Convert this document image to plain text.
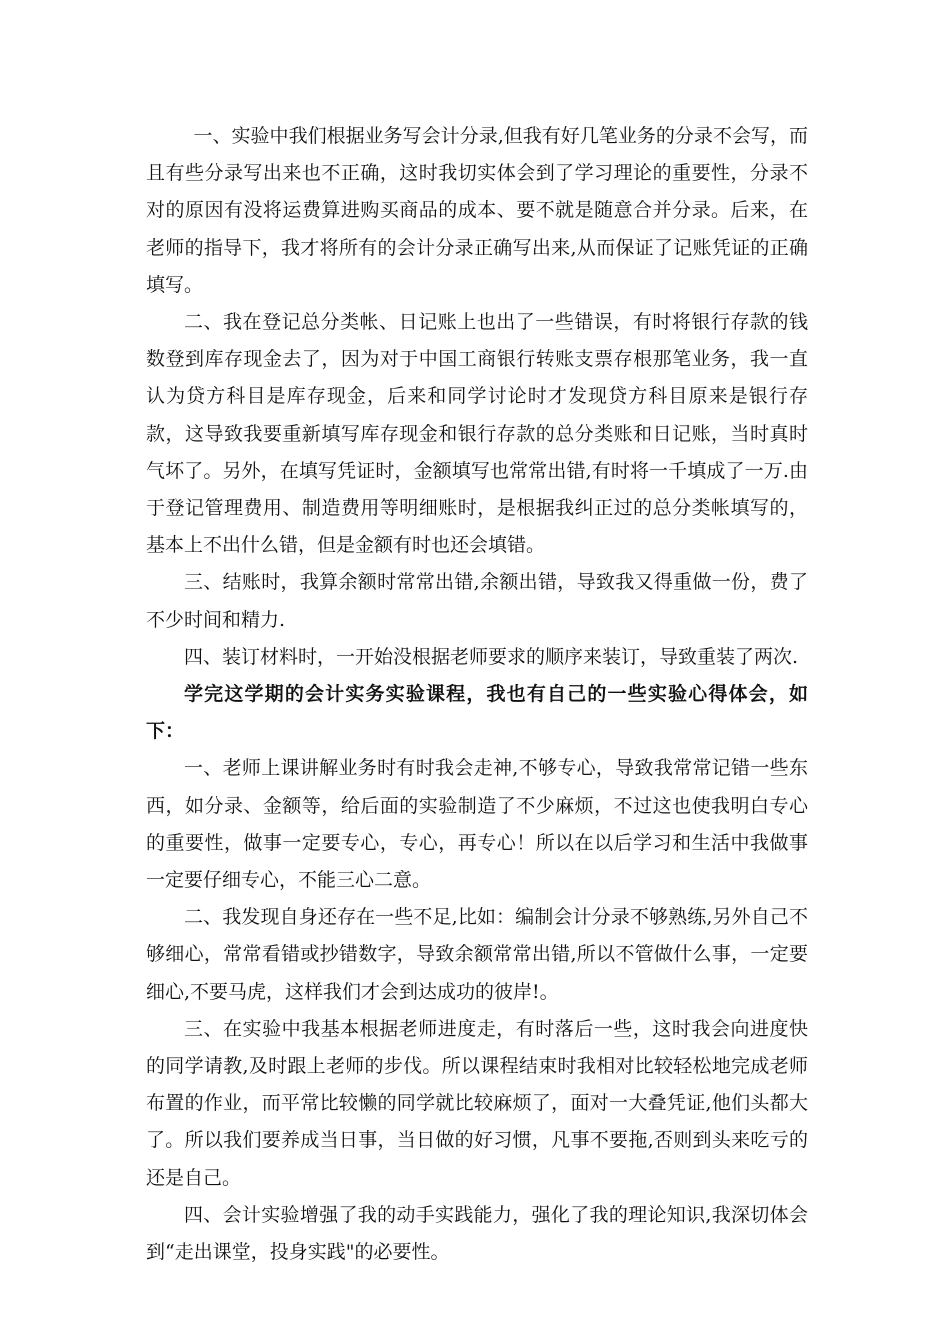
一、实验中我们根据业务写会计分录,但我有好几笔业务的分录不会写，而且有些分录写出来也不正确，这时我切实体会到了学习理论的重要性，分录不对的原因有没将运费算进购买商品的成本、要不就是随意合并分录。后来，在老师的指导下，我才将所有的会计分录正确写出来,从而保证了记账凭证的正确填写。

二、我在登记总分类帐、日记账上也出了一些错误，有时将银行存款的钱数登到库存现金去了，因为对于中国工商银行转账支票存根那笔业务，我一直认为贷方科目是库存现金，后来和同学讨论时才发现贷方科目原来是银行存款，这导致我要重新填写库存现金和银行存款的总分类账和日记账，当时真时气坏了。另外，在填写凭证时，金额填写也常常出错,有时将一千填成了一万.由于登记管理费用、制造费用等明细账时，是根据我纠正过的总分类帐填写的，基本上不出什么错，但是金额有时也还会填错。

三、结账时，我算余额时常常出错,余额出错，导致我又得重做一份，费了不少时间和精力.

四、装订材料时，一开始没根据老师要求的顺序来装订，导致重装了两次.

学完这学期的会计实务实验课程，我也有自己的一些实验心得体会，如下：

一、老师上课讲解业务时有时我会走神,不够专心，导致我常常记错一些东西，如分录、金额等，给后面的实验制造了不少麻烦，不过这也使我明白专心的重要性，做事一定要专心，专心，再专心！所以在以后学习和生活中我做事一定要仔细专心，不能三心二意。

二、我发现自身还存在一些不足,比如：编制会计分录不够熟练,另外自己不够细心，常常看错或抄错数字，导致余额常常出错,所以不管做什么事，一定要细心,不要马虎，这样我们才会到达成功的彼岸!。

三、在实验中我基本根据老师进度走，有时落后一些，这时我会向进度快的同学请教,及时跟上老师的步伐。所以课程结束时我相对比较轻松地完成老师布置的作业，而平常比较懒的同学就比较麻烦了，面对一大叠凭证,他们头都大了。所以我们要养成当日事，当日做的好习惯，凡事不要拖,否则到头来吃亏的还是自己。

四、会计实验增强了我的动手实践能力，强化了我的理论知识,我深切体会到“走出课堂，投身实践"的必要性。
